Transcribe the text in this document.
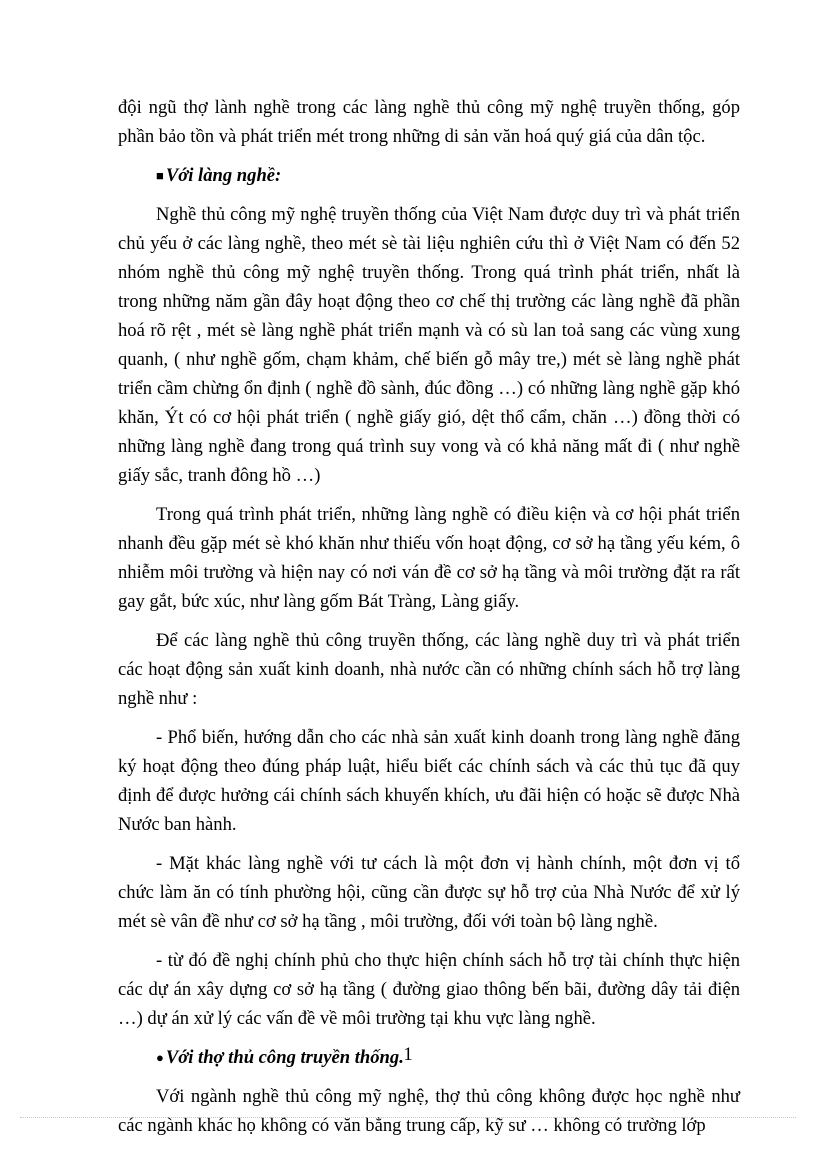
đội ngũ thợ lành nghề trong các làng nghề thủ công mỹ nghệ truyền thống, góp phần bảo tồn và phát triển mét trong những di sản văn hoá quý giá của dân tộc.

■ Với làng nghề:

Nghề thủ công mỹ nghệ truyền thống của Việt Nam được duy trì và phát triển chủ yếu ở các làng nghề, theo mét sè tài liệu nghiên cứu thì ở Việt Nam có đến 52 nhóm nghề thủ công mỹ nghệ truyền thống. Trong quá trình phát triển, nhất là trong những năm gần đây hoạt động theo cơ chế thị trường các làng nghề đã phần hoá rõ rệt , mét sè làng nghề phát triển mạnh và có sù lan toả sang các vùng xung quanh, ( như nghề gốm, chạm khảm, chế biến gỗ mây tre,) mét sè làng nghề phát triển cầm chừng ổn định ( nghề đồ sành, đúc đồng …) có những làng nghề gặp khó khăn, Ýt có cơ hội phát triển ( nghề giấy gió, dệt thổ cẩm, chăn …) đồng thời có những làng nghề đang trong quá trình suy vong và có khả năng mất đi ( như nghề giấy sắc, tranh đông hồ …)

Trong quá trình phát triển, những làng nghề có điều kiện và cơ hội phát triển nhanh đều gặp mét sè khó khăn như thiếu vốn hoạt động, cơ sở hạ tầng yếu kém, ô nhiễm môi trường và hiện nay có nơi ván đề cơ sở hạ tầng và môi trường đặt ra rất gay gắt, bức xúc, như làng gốm Bát Tràng, Làng giấy.

Để các làng nghề thủ công truyền thống, các làng nghề duy trì và phát triển các hoạt động sản xuất kinh doanh, nhà nước cần có những chính sách hỗ trợ làng nghề như :

- Phổ biến, hướng dẫn cho các nhà sản xuất kinh doanh trong làng nghề đăng ký hoạt động theo đúng pháp luật, hiểu biết các chính sách và các thủ tục đã quy định để được hưởng cái chính sách khuyến khích, ưu đãi hiện có hoặc sẽ được Nhà Nước ban hành.

- Mặt khác làng nghề với tư cách là một đơn vị hành chính, một đơn vị tổ chức làm ăn có tính phường hội, cũng cần được sự hỗ trợ của Nhà Nước để xử lý mét sè vân đề như cơ sở hạ tầng , môi trường, đối với toàn bộ làng nghề.

- từ đó đề nghị chính phủ cho thực hiện chính sách hỗ trợ tài chính thực hiện các dự án xây dựng cơ sở hạ tầng ( đường giao thông bến bãi, đường dây tải điện …) dự án xử lý các vấn đề về môi trường tại khu vực làng nghề.

● Với thợ thủ công truyền thống.

Với ngành nghề thủ công mỹ nghệ, thợ thủ công không được học nghề như các ngành khác họ không có văn bằng trung cấp, kỹ sư … không có trường lớp

1
